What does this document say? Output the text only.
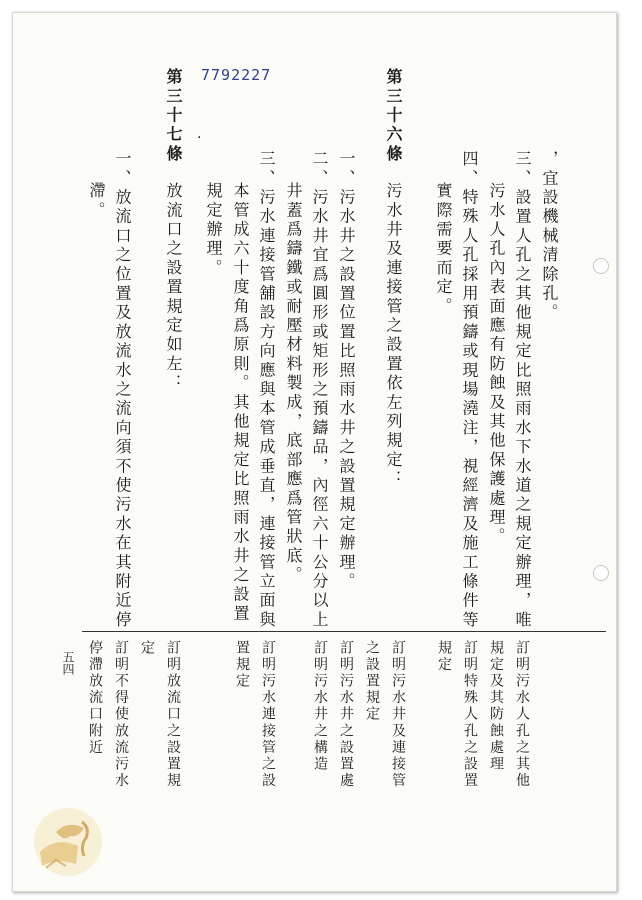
7792227
·
，宜設機械清除孔。
三、設置人孔之其他規定比照雨水下水道之規定辦理，唯
污水人孔內表面應有防蝕及其他保護處理。
四、特殊人孔採用預鑄或現場澆注，視經濟及施工條件等
實際需要而定。
第三十六條
污水井及連接管之設置依左列規定：
一、污水井之設置位置比照雨水井之設置規定辦理。
二、污水井宜爲圓形或矩形之預鑄品，內徑六十公分以上
井蓋爲鑄鐵或耐壓材料製成，底部應爲管狀底。
三、污水連接管舖設方向應與本管成垂直，連接管立面與
本管成六十度角爲原則。其他規定比照雨水井之設置
規定辦理。
第三十七條
放流口之設置規定如左：
一、放流口之位置及放流水之流向須不使污水在其附近停
滯。
訂明污水人孔之其他
規定及其防蝕處理
訂明特殊人孔之設置
規定
訂明污水井及連接管
之設置規定
訂明污水井之設置處
訂明污水井之構造
訂明污水連接管之設
置規定
訂明放流口之設置規
定
訂明不得使放流污水
停滯放流口附近
五四
